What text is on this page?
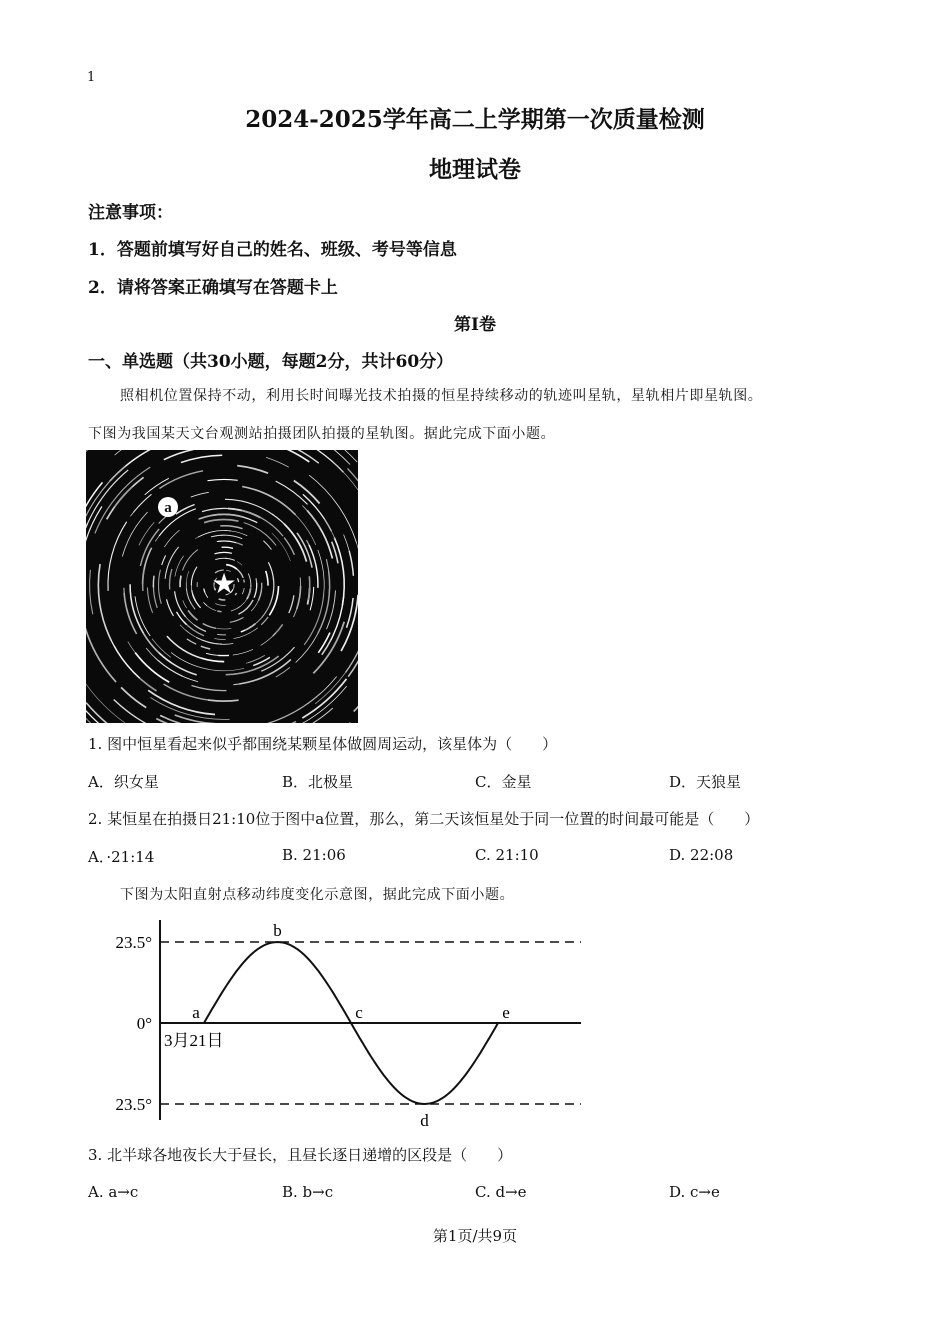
1
2024-2025学年高二上学期第一次质量检测
地理试卷
注意事项：
1．答题前填写好自己的姓名、班级、考号等信息
2．请将答案正确填写在答题卡上
第I卷
一、单选题（共30小题，每题2分，共计60分）
照相机位置保持不动，利用长时间曝光技术拍摄的恒星持续移动的轨迹叫星轨，星轨相片即星轨图。
下图为我国某天文台观测站拍摄团队拍摄的星轨图。据此完成下面小题。
a
★
1. 图中恒星看起来似乎都围绕某颗星体做圆周运动，该星体为（　　）
A．织女星	B．北极星	C．金星	D．天狼星
2. 某恒星在拍摄日21:10位于图中a位置，那么，第二天该恒星处于同一位置的时间最可能是（　　）
A．·21:14	B. 21:06	C. 21:10	D. 22:08
下图为太阳直射点移动纬度变化示意图，据此完成下面小题。
23.5°
0°
23.5°
a
b
c
d
e
3月21日
3. 北半球各地夜长大于昼长，且昼长逐日递增的区段是（　　）
A. a→c	B. b→c	C. d→e	D. c→e
第1页/共9页
